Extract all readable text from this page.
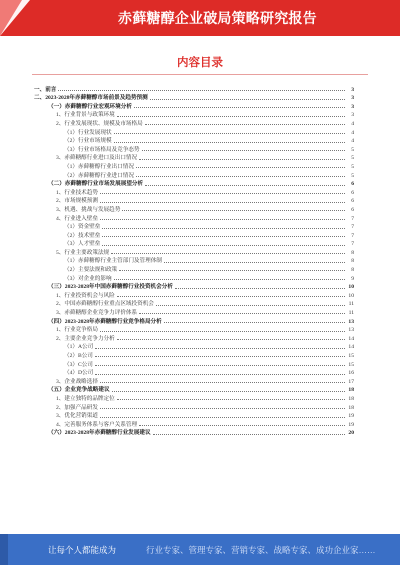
赤藓糖醇企业破局策略研究报告
内容目录
一、前言	3
二、2023-2028年赤藓糖醇市场前景及趋势预测	3
（一）赤藓糖醇行业宏观环境分析	3
1、行业背景与政策环境	3
2、行业发展现状、规模及市场格局	4
（1）行业发展现状	4
（2）行业市场规模	4
（3）行业市场格局及竞争态势	5
3、赤藓糖醇行业进口及出口情况	5
（1）赤藓糖醇行业出口情况	5
（2）赤藓糖醇行业进口情况	5
（二）赤藓糖醇行业市场发展展望分析	6
1、行业技术趋势	6
2、市场规模预测	6
3、机遇、挑战与发展趋势	6
4、行业进入壁垒	7
（1）资金壁垒	7
（2）技术壁垒	7
（3）人才壁垒	7
5、行业主要政策法规	8
（1）赤藓糖醇行业主管部门及管理体制	8
（2）主要法规和政策	8
（3）对企业的影响	9
（三）2023-2028年中国赤藓糖醇行业投资机会分析	10
1、行业投资机会与风险	10
2、中国赤藓糖醇行业重点区域投资机会	11
3、赤藓糖醇企业竞争力评价体系	11
（四）2023-2028年赤藓糖醇行业竞争格局分析	13
1、行业竞争格局	13
2、主要企业竞争力分析	14
（1）A公司	14
（2）B公司	15
（3）C公司	15
（4）D公司	16
3、企业战略选择	17
（五）企业竞争战略建议	18
1、建立独特的品牌定位	18
2、加强产品研发	18
3、优化营销渠道	19
4、完善服务体系与客户关系管理	19
（六）2023-2028年赤藓糖醇行业发展建议	20
让每个人都能成为	行业专家、管理专家、营销专家、战略专家、成功企业家……
